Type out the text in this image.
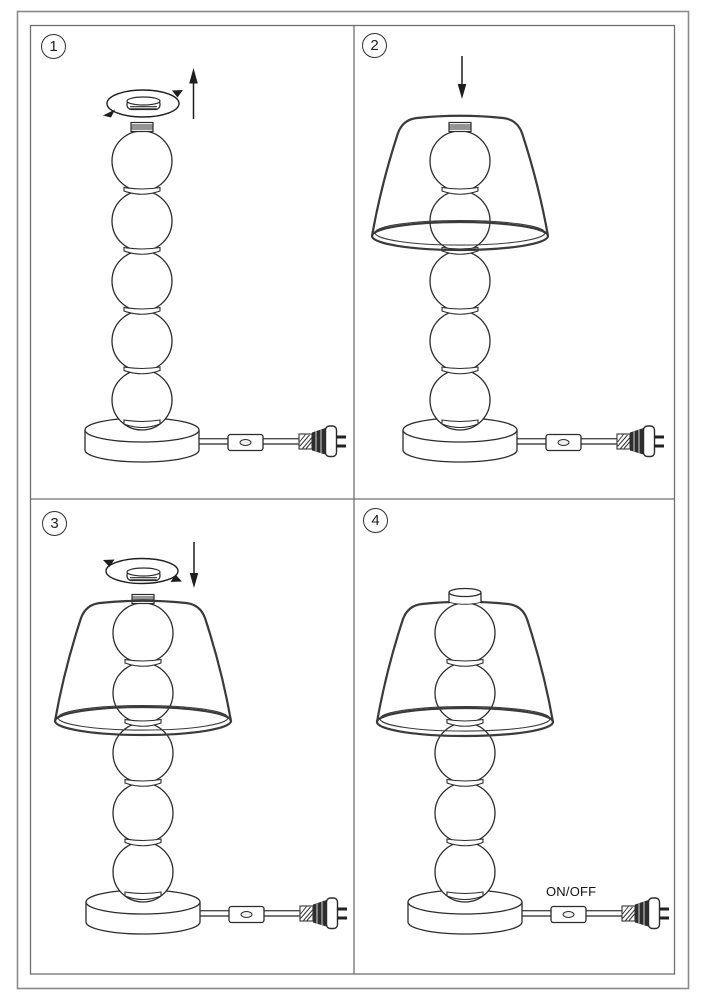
1	2
3	4
ON/OFF
